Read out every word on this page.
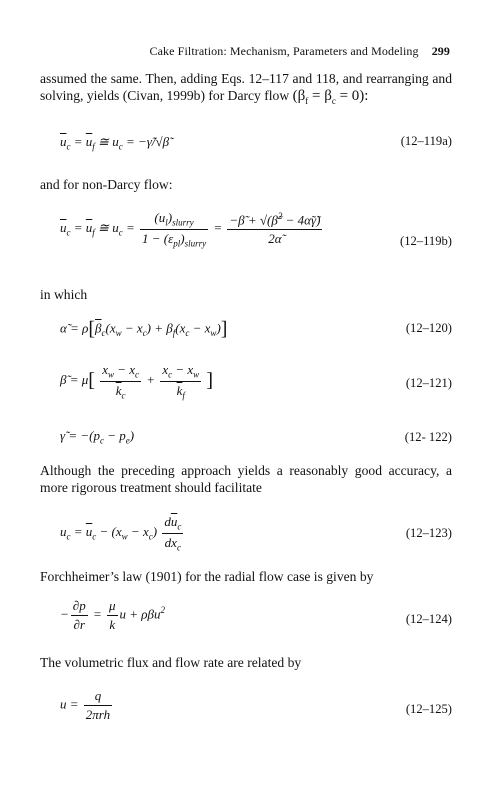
Cake Filtration: Mechanism, Parameters and Modeling 299
assumed the same. Then, adding Eqs. 12–117 and 118, and rearranging and solving, yields (Civan, 1999b) for Darcy flow $(\beta_f = \beta_c = 0)$:
$\overline{u}_c = \overline{u}_f$ ≅ $u_c$ = −γ̃/√β̃	(12–119a)
and for non-Darcy flow:
$\overline{u}_c = \overline{u}_f$ ≅ $u_c = \frac{(u_l)_{slurry}}{1 - (\varepsilon_{pl})_{slurry}} = \frac{-\betã + √(\betã^2 - 4\alphã\gammã)}{2\alphã}$	(12–119b)
in which
α̃ = $\rho[\overline{\beta}_c(x_w - x_c) + \beta_f(x_c - x_w)]$	(12–120)
β̃ = $\mu[ \frac{x_w - x_c}{\overline{k}_c} + \frac{x_c - x_w}{\overline{k}_f}$ ]	(12–121)
γ̃ = $-(p_c - p_e)$	(12- 122)
Although the preceding approach yields a reasonably good accuracy, a more rigorous treatment should facilitate
$u_c = \overline{u}_c - (x_w - x_c) \frac{d\overline{u}_c}{dx_c}$	(12–123)
Forchheimer’s law (1901) for the radial flow case is given by
− $\frac{\partial p}{\partial r} = \frac{\mu}{k}$ u + ρβu$^2$
(12–124)
The volumetric flux and flow rate are related by
$u = \frac{q}{\text{2πrh}}$	(12–125)
